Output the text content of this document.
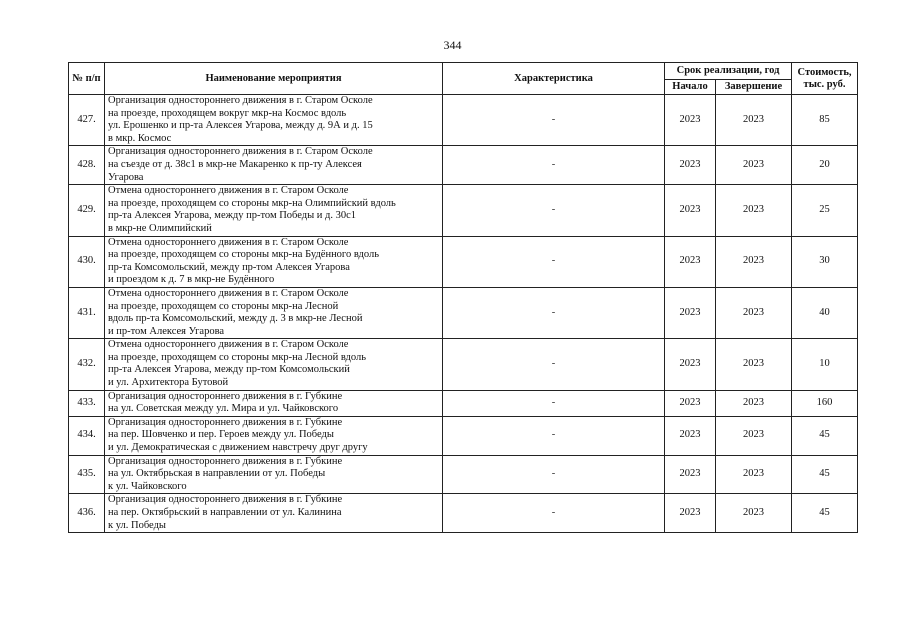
344
№ п/п	Наименование мероприятия	Характеристика	Срок реализации, год		Стоимость, тыс. руб.
			Начало	Завершение	
427.	Организация одностороннего движения в г. Старом Осколе
на проезде, проходящем вокруг мкр-на Космос вдоль
ул. Ерошенко и пр-та Алексея Угарова, между д. 9А и д. 15
в мкр. Космос	-	2023	2023	85
428.	Организация одностороннего движения в г. Старом Осколе
на съезде от д. 38с1 в мкр-не Макаренко к пр-ту Алексея
Угарова	-	2023	2023	20
429.	Отмена одностороннего движения в г. Старом Осколе
на проезде, проходящем со стороны мкр-на Олимпийский вдоль
пр-та Алексея Угарова, между пр-том Победы и д. 30с1
в мкр-не Олимпийский	-	2023	2023	25
430.	Отмена одностороннего движения в г. Старом Осколе
на проезде, проходящем со стороны мкр-на Будённого вдоль
пр-та Комсомольский, между пр-том Алексея Угарова
и проездом к д. 7 в мкр-не Будённого	-	2023	2023	30
431.	Отмена одностороннего движения в г. Старом Осколе
на проезде, проходящем со стороны мкр-на Лесной
вдоль пр-та Комсомольский, между д. 3 в мкр-не Лесной
и пр-том Алексея Угарова	-	2023	2023	40
432.	Отмена одностороннего движения в г. Старом Осколе
на проезде, проходящем со стороны мкр-на Лесной вдоль
пр-та Алексея Угарова, между пр-том Комсомольский
и ул. Архитектора Бутовой	-	2023	2023	10
433.	Организация одностороннего движения в г. Губкине
на ул. Советская между ул. Мира и ул. Чайковского	-	2023	2023	160
434.	Организация одностороннего движения в г. Губкине
на пер. Шовченко и пер. Героев между ул. Победы
и ул. Демократическая с движением навстречу друг другу	-	2023	2023	45
435.	Организация одностороннего движения в г. Губкине
на ул. Октябрьская в направлении от ул. Победы
к ул. Чайковского	-	2023	2023	45
436.	Организация одностороннего движения в г. Губкине
на пер. Октябрьский в направлении от ул. Калинина
к ул. Победы	-	2023	2023	45
